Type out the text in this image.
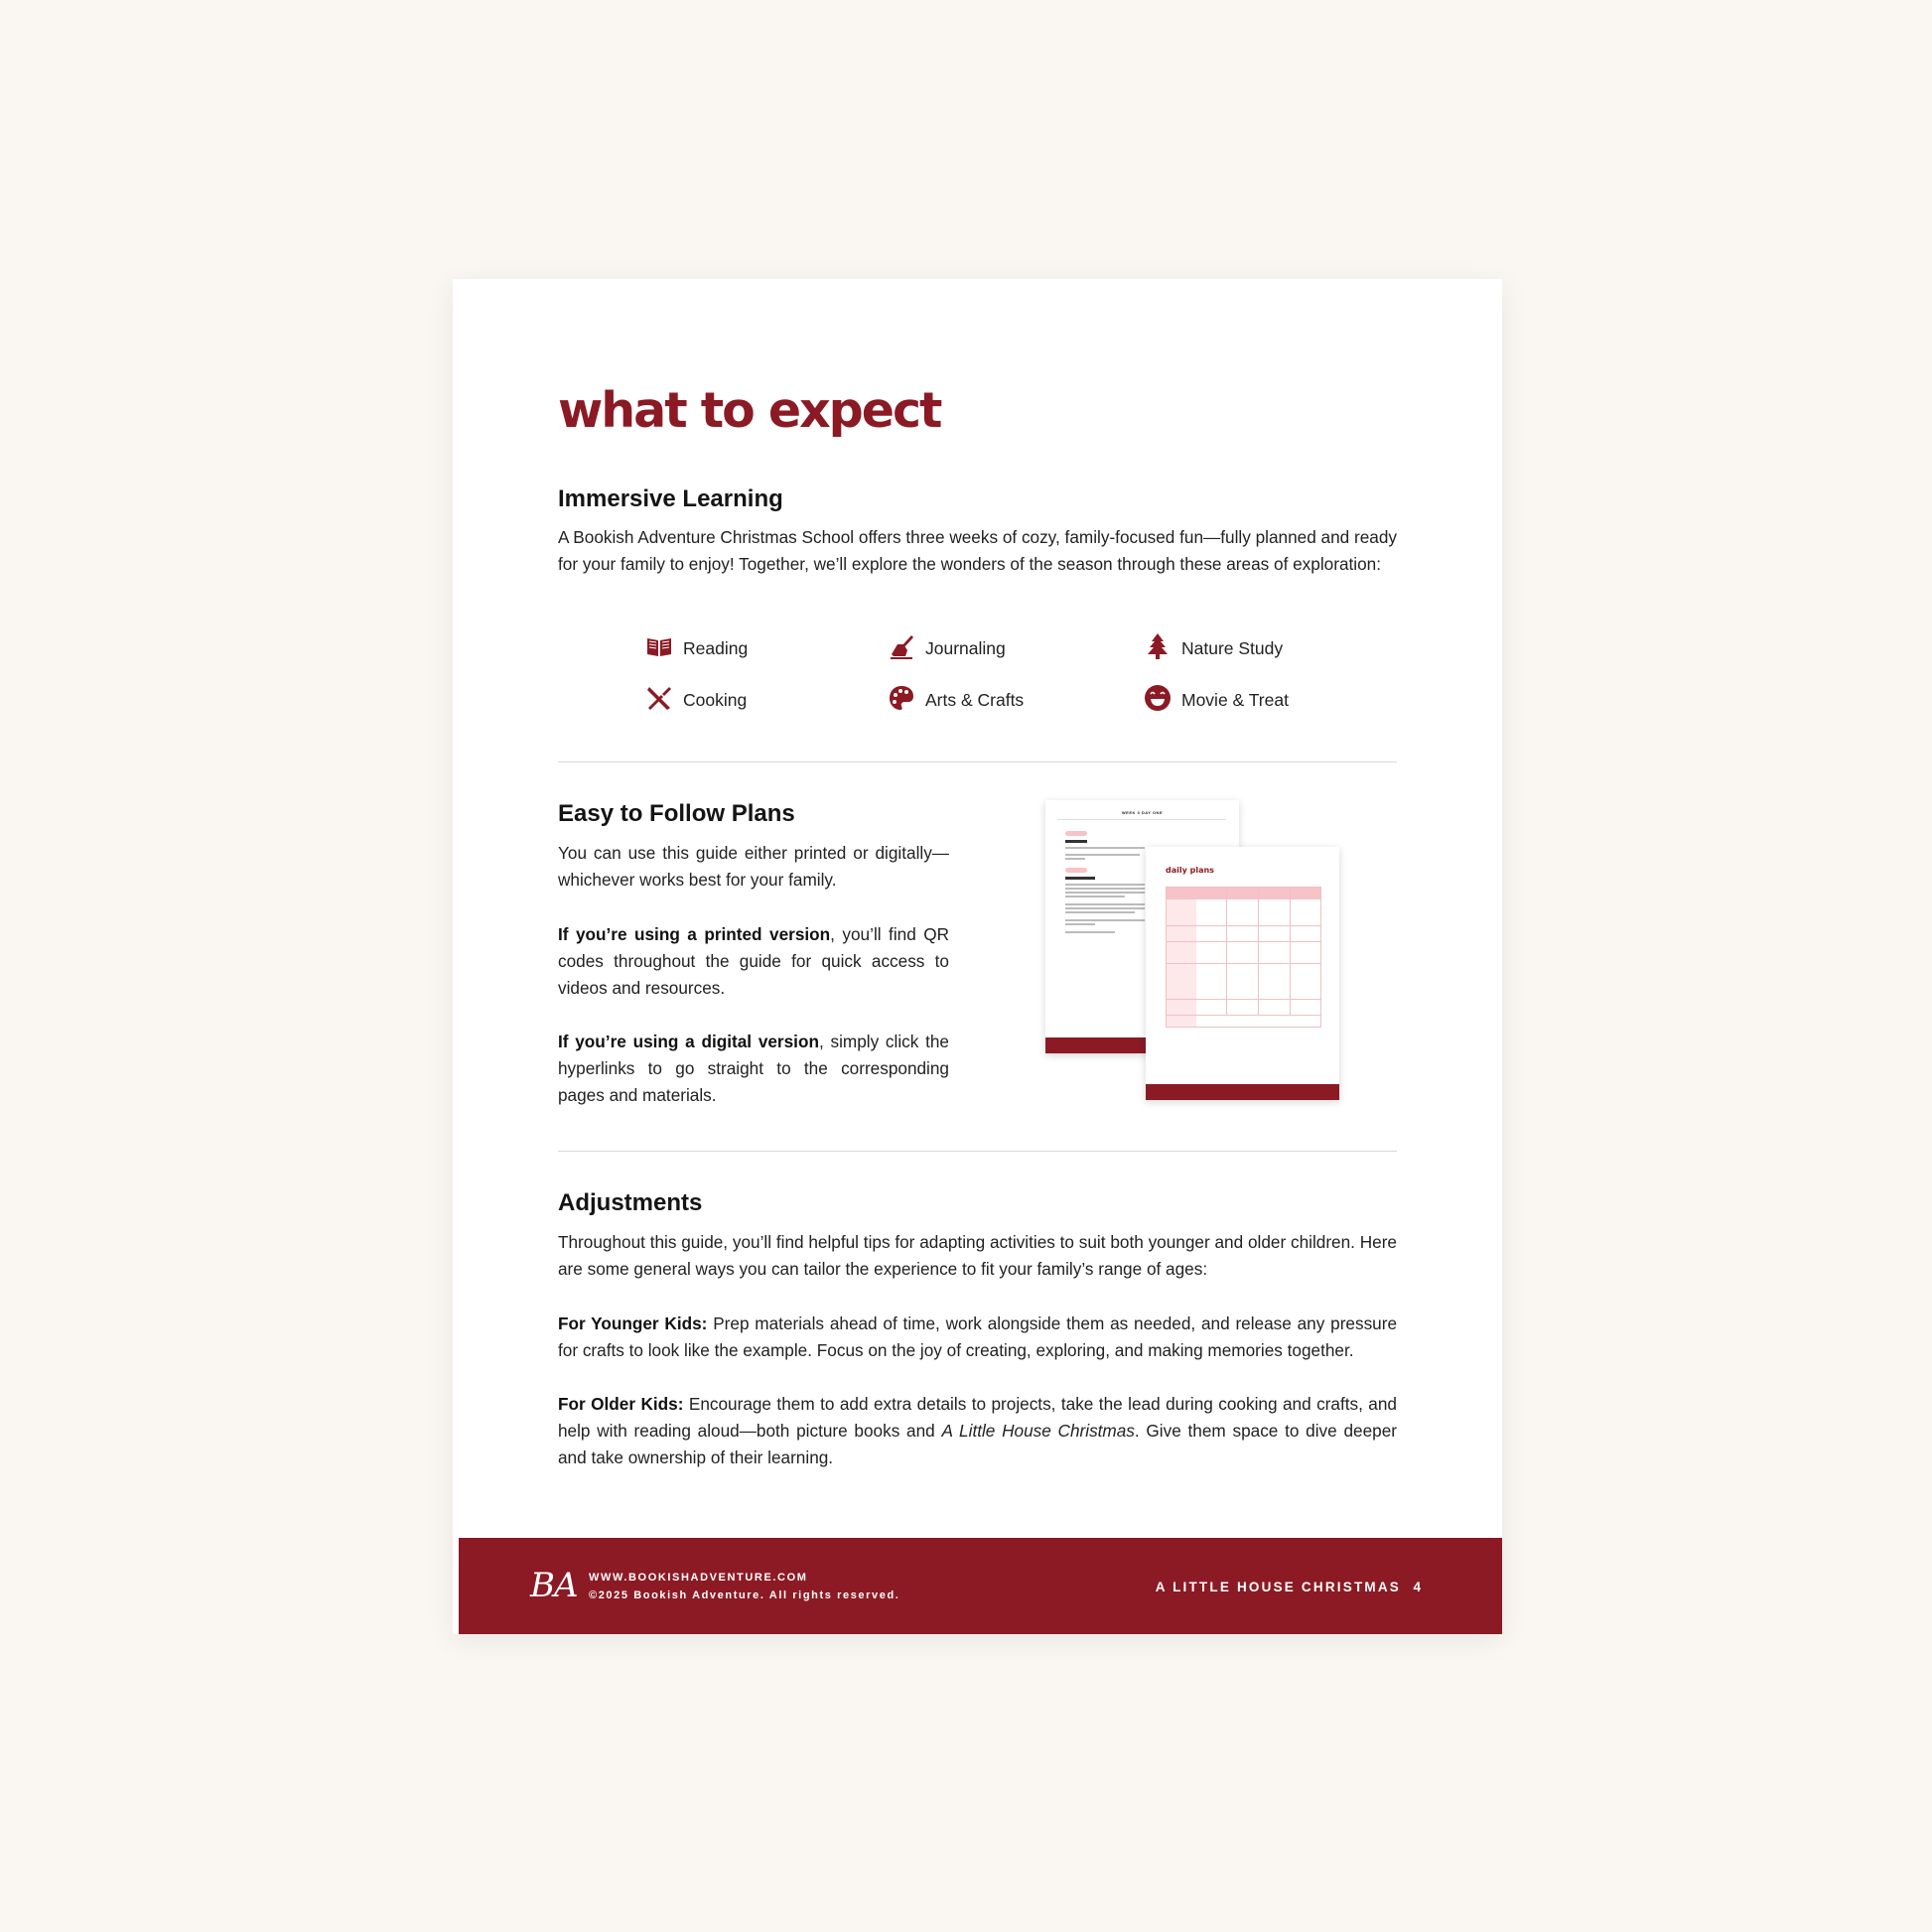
what to expect
Immersive Learning

A Bookish Adventure Christmas School offers three weeks of cozy, family-focused fun—fully planned and ready for your family to enjoy! Together, we’ll explore the wonders of the season through these areas of exploration:

Reading	Journaling	Nature Study
Cooking	Arts & Crafts	Movie & Treat
Easy to Follow Plans

You can use this guide either printed or digitally—whichever works best for your family.

If you’re using a printed version, you’ll find QR codes throughout the guide for quick access to videos and resources.

If you’re using a digital version, simply click the hyperlinks to go straight to the corresponding pages and materials.

WEEK 3 DAY ONE
daily plans
Adjustments

Throughout this guide, you’ll find helpful tips for adapting activities to suit both younger and older children. Here are some general ways you can tailor the experience to fit your family’s range of ages:

For Younger Kids: Prep materials ahead of time, work alongside them as needed, and release any pressure for crafts to look like the example. Focus on the joy of creating, exploring, and making memories together.

For Older Kids: Encourage them to add extra details to projects, take the lead during cooking and crafts, and help with reading aloud—both picture books and A Little House Christmas. Give them space to dive deeper and take ownership of their learning.

BA WWW.BOOKISHADVENTURE.COM
©2025 Bookish Adventure. All rights reserved.
A LITTLE HOUSE CHRISTMAS 4
